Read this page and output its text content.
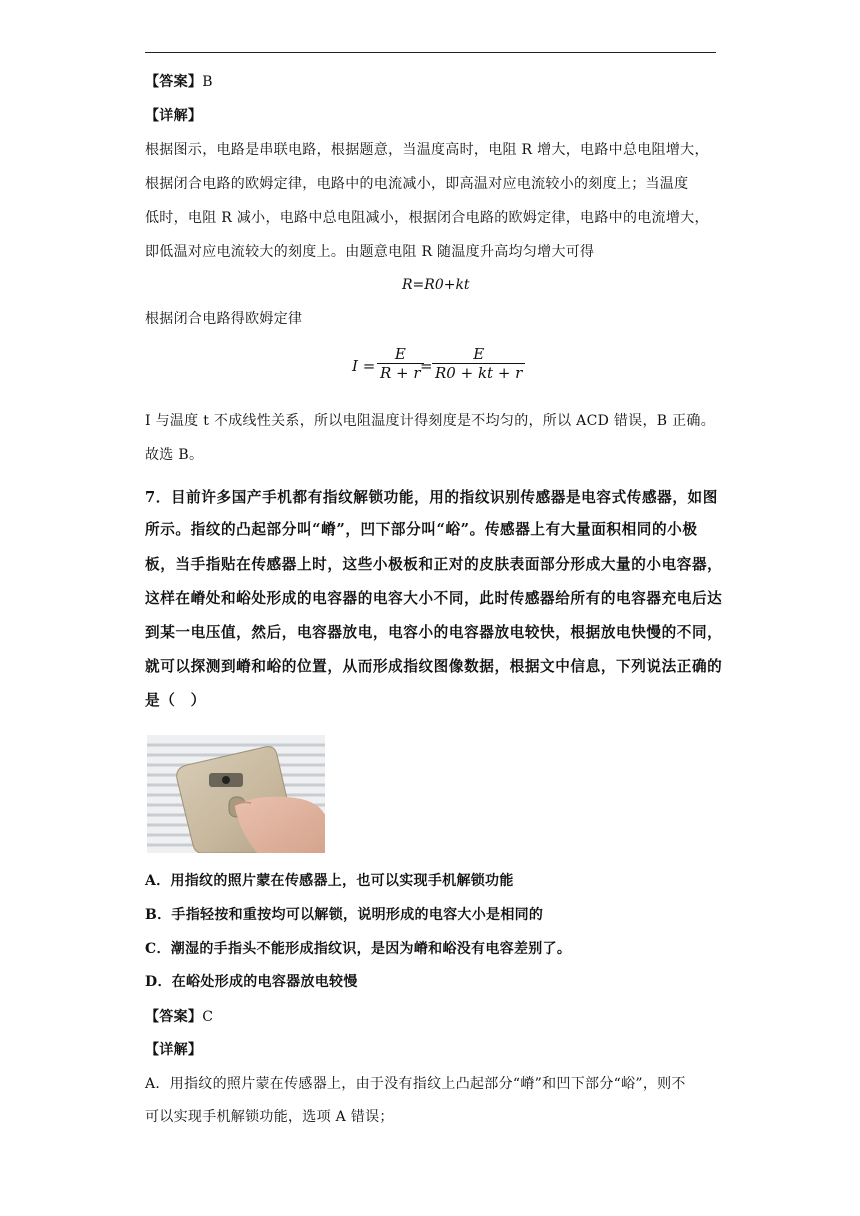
【答案】B
【详解】
根据图示，电路是串联电路，根据题意，当温度高时，电阻 R 增大，电路中总电阻增大，
根据闭合电路的欧姆定律，电路中的电流减小，即高温对应电流较小的刻度上；当温度
低时，电阻 R 减小，电路中总电阻减小，根据闭合电路的欧姆定律，电路中的电流增大，
即低温对应电流较大的刻度上。由题意电阻 R 随温度升高均匀增大可得
R=R0+kt
根据闭合电路得欧姆定律
I =
E
R + r =
E
R0 + kt + r
I 与温度 t 不成线性关系，所以电阻温度计得刻度是不均匀的，所以 ACD 错误，B 正确。
故选 B。
7．目前许多国产手机都有指纹解锁功能，用的指纹识别传感器是电容式传感器，如图
所示。指纹的凸起部分叫“嵴”，凹下部分叫“峪”。传感器上有大量面积相同的小极
板，当手指贴在传感器上时，这些小极板和正对的皮肤表面部分形成大量的小电容器，
这样在嵴处和峪处形成的电容器的电容大小不同，此时传感器给所有的电容器充电后达
到某一电压值，然后，电容器放电，电容小的电容器放电较快，根据放电快慢的不同，
就可以探测到嵴和峪的位置，从而形成指纹图像数据，根据文中信息，下列说法正确的
是（　）
A．用指纹的照片蒙在传感器上，也可以实现手机解锁功能
B．手指轻按和重按均可以解锁，说明形成的电容大小是相同的
C．潮湿的手指头不能形成指纹识，是因为嵴和峪没有电容差别了。
D．在峪处形成的电容器放电较慢
【答案】C
【详解】
A．用指纹的照片蒙在传感器上，由于没有指纹上凸起部分“嵴”和凹下部分“峪”，则不
可以实现手机解锁功能，选项 A 错误；
